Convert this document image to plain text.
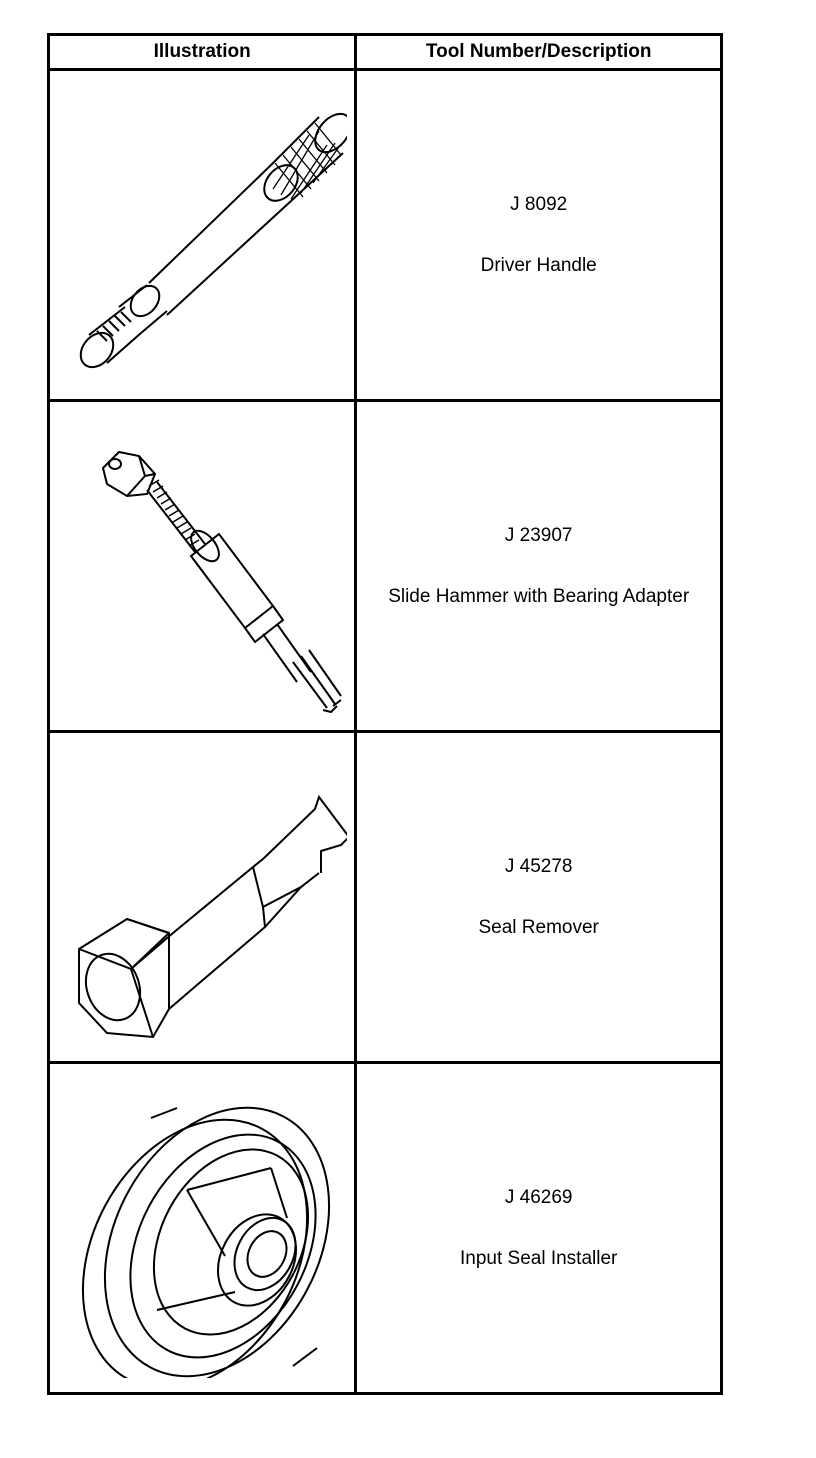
Illustration	Tool Number/Description

J 8092
Driver Handle

J 23907
Slide Hammer with Bearing Adapter

J 45278
Seal Remover

J 46269
Input Seal Installer
